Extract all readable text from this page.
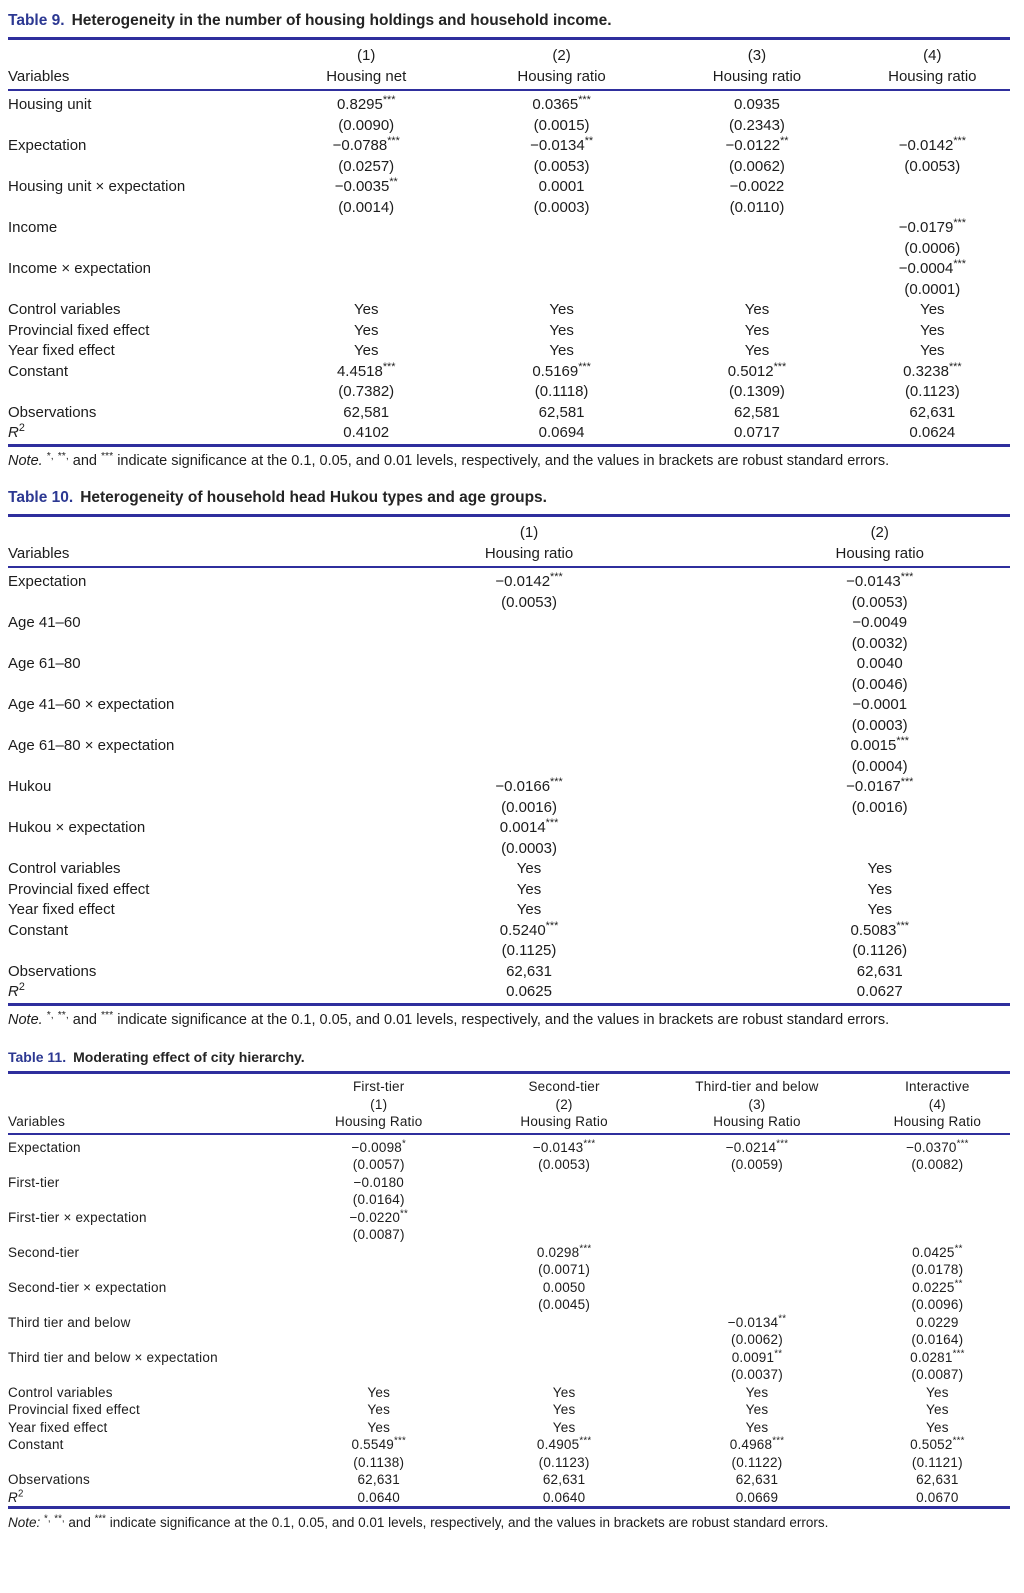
Table 9. Heterogeneity in the number of housing holdings and household income.
	(1)	(2)	(3)	(4)
Variables	Housing net	Housing ratio	Housing ratio	Housing ratio
Housing unit	0.8295***	0.0365***	0.0935	
	(0.0090)	(0.0015)	(0.2343)	
Expectation	−0.0788***	−0.0134**	−0.0122**	−0.0142***
	(0.0257)	(0.0053)	(0.0062)	(0.0053)
Housing unit × expectation	−0.0035**	0.0001	−0.0022	
	(0.0014)	(0.0003)	(0.0110)	
Income				−0.0179***
				(0.0006)
Income × expectation				−0.0004***
				(0.0001)
Control variables	Yes	Yes	Yes	Yes
Provincial fixed effect	Yes	Yes	Yes	Yes
Year fixed effect	Yes	Yes	Yes	Yes
Constant	4.4518***	0.5169***	0.5012***	0.3238***
	(0.7382)	(0.1118)	(0.1309)	(0.1123)
Observations	62,581	62,581	62,581	62,631
$R^2$	0.4102	0.0694	0.0717	0.0624
Note. *, **, and *** indicate significance at the 0.1, 0.05, and 0.01 levels, respectively, and the values in brackets are robust standard errors.
Table 10. Heterogeneity of household head Hukou types and age groups.
	(1)	(2)
Variables	Housing ratio	Housing ratio
Expectation	−0.0142***	−0.0143***
	(0.0053)	(0.0053)
Age 41–60		−0.0049
		(0.0032)
Age 61–80		0.0040
		(0.0046)
Age 41–60 × expectation		−0.0001
		(0.0003)
Age 61–80 × expectation		0.0015***
		(0.0004)
Hukou	−0.0166***	−0.0167***
	(0.0016)	(0.0016)
Hukou × expectation	0.0014***	
	(0.0003)	
Control variables	Yes	Yes
Provincial fixed effect	Yes	Yes
Year fixed effect	Yes	Yes
Constant	0.5240***	0.5083***
	(0.1125)	(0.1126)
Observations	62,631	62,631
$R^2$	0.0625	0.0627
Note. *, **, and *** indicate significance at the 0.1, 0.05, and 0.01 levels, respectively, and the values in brackets are robust standard errors.
Table 11. Moderating effect of city hierarchy.
	First-tier	Second-tier	Third-tier and below	Interactive
	(1)	(2)	(3)	(4)
Variables	Housing Ratio	Housing Ratio	Housing Ratio	Housing Ratio
Expectation	−0.0098*	−0.0143***	−0.0214***	−0.0370***
	(0.0057)	(0.0053)	(0.0059)	(0.0082)
First-tier	−0.0180			
	(0.0164)			
First-tier × expectation	−0.0220**			
	(0.0087)			
Second-tier		0.0298***		0.0425**
		(0.0071)		(0.0178)
Second-tier × expectation		0.0050		0.0225**
		(0.0045)		(0.0096)
Third tier and below			−0.0134**	0.0229
			(0.0062)	(0.0164)
Third tier and below × expectation			0.0091**	0.0281***
			(0.0037)	(0.0087)
Control variables	Yes	Yes	Yes	Yes
Provincial fixed effect	Yes	Yes	Yes	Yes
Year fixed effect	Yes	Yes	Yes	Yes
Constant	0.5549***	0.4905***	0.4968***	0.5052***
	(0.1138)	(0.1123)	(0.1122)	(0.1121)
Observations	62,631	62,631	62,631	62,631
$R^2$	0.0640	0.0640	0.0669	0.0670
Note: *, **, and *** indicate significance at the 0.1, 0.05, and 0.01 levels, respectively, and the values in brackets are robust standard errors.
